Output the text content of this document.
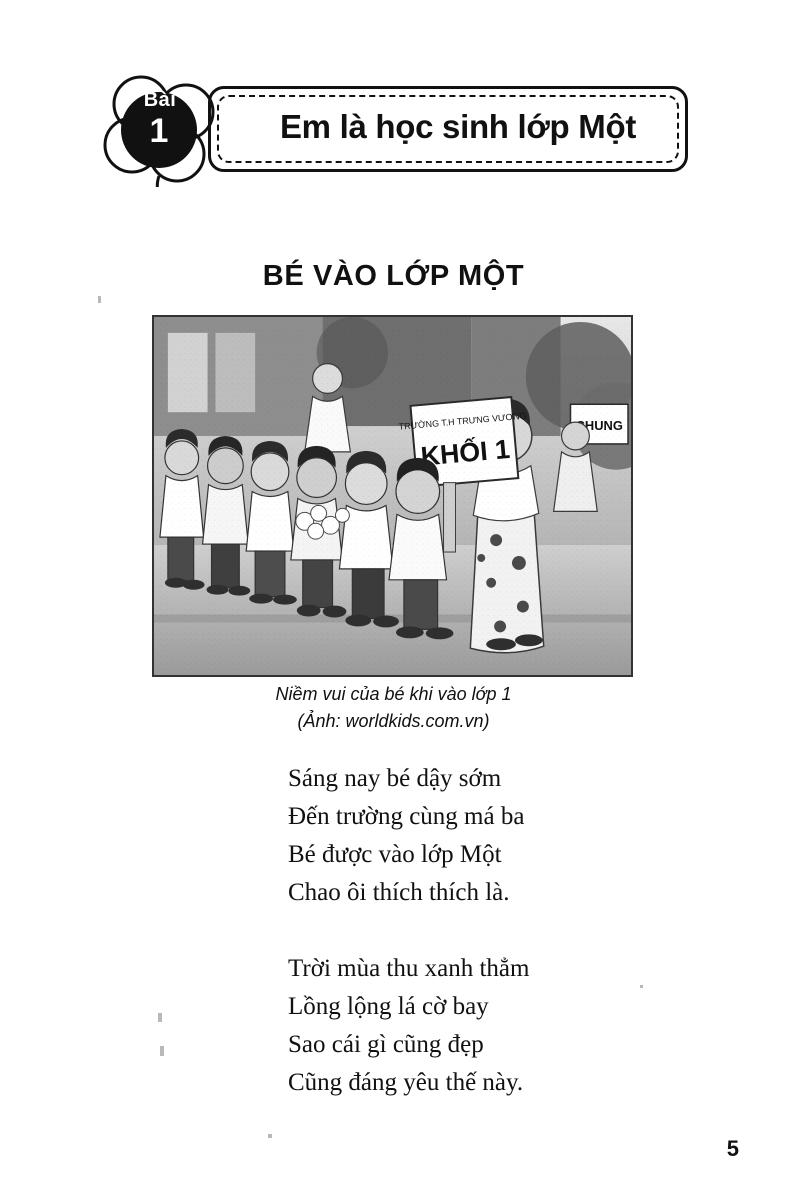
Bài
1	Em là học sinh lớp Một
BÉ VÀO LỚP MỘT
Niềm vui của bé khi vào lớp 1
(Ảnh: worldkids.com.vn)

Sáng nay bé dậy sớm

Đến trường cùng má ba

Bé được vào lớp Một

Chao ôi thích thích là.

Trời mùa thu xanh thẳm

Lồng lộng lá cờ bay

Sao cái gì cũng đẹp

Cũng đáng yêu thế này.

5
